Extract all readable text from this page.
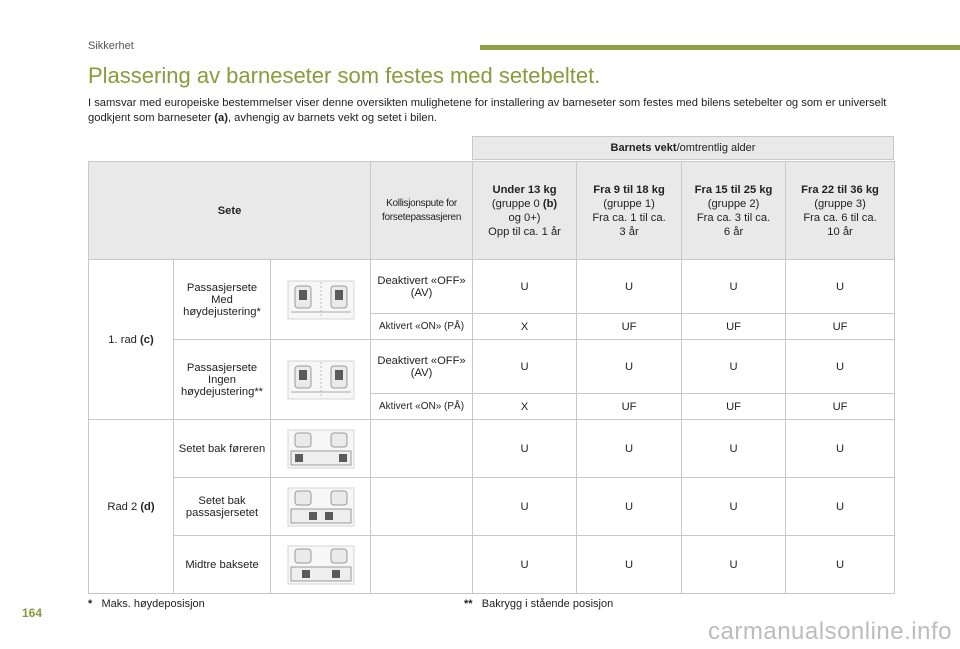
Sikkerhet
Plassering av barneseter som festes med setebeltet.
I samsvar med europeiske bestemmelser viser denne oversikten mulighetene for installering av barneseter som festes med bilens setebelter og som er universelt godkjent som barneseter (a), avhengig av barnets vekt og setet i bilen.
Barnets vekt /omtrentlig alder
Sete			Kollisjonspute for forsetepassasjeren	Under 13 kg
(gruppe 0 (b)
og 0+)
Opp til ca. 1 år	Fra 9 til 18 kg
(gruppe 1)
Fra ca. 1 til ca.
3 år	Fra 15 til 25 kg
(gruppe 2)
Fra ca. 3 til ca.
6 år	Fra 22 til 36 kg
(gruppe 3)
Fra ca. 6 til ca.
10 år
1. rad (c)	Passasjersete Med høydejustering*		Deaktivert «OFF» (AV)	U	U	U	U
			Aktivert «ON» (PÅ)	X	UF	UF	UF
	Passasjersete Ingen høydejustering**		Deaktivert «OFF» (AV)	U	U	U	U
			Aktivert «ON» (PÅ)	X	UF	UF	UF
Rad 2 (d)	Setet bak føreren			U	U	U	U
	Setet bak passasjersetet			U	U	U	U
	Midtre baksete			U	U	U	U
* Maks. høydeposisjon	** Bakrygg i stående posisjon
164
carmanualsonline.info
